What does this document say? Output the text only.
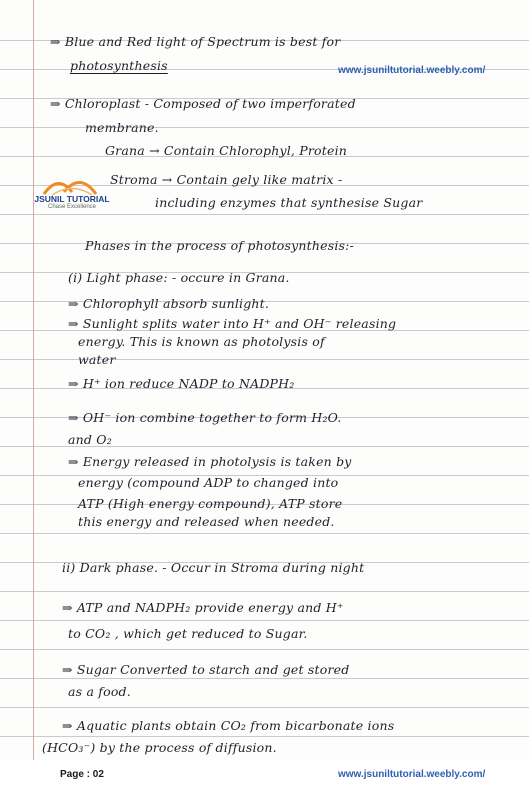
⇒ Blue and Red light of Spectrum is best for

photosynthesis	www.jsuniltutorial.weebly.com/

⇒ Chloroplast - Composed of two imperforated

membrane.

Grana → Contain Chlorophyl, Protein

JSUNIL TUTORIAL
Chase Excellence

Stroma → Contain gely like matrix -

including enzymes that synthesise Sugar

Phases in the process of photosynthesis:-

(i) Light phase: - occure in Grana.

⇒ Chlorophyll absorb sunlight.

⇒ Sunlight splits water into H⁺ and OH⁻ releasing

energy. This is known as photolysis of

water

⇒ H⁺ ion reduce NADP to NADPH₂

⇒ OH⁻ ion combine together to form H₂O.

and O₂

⇒ Energy released in photolysis is taken by

energy (compound ADP to changed into

ATP (High energy compound), ATP store

this energy and released when needed.

ii) Dark phase. - Occur in Stroma during night

⇒ ATP and NADPH₂ provide energy and H⁺

to CO₂ , which get reduced to Sugar.

⇒ Sugar Converted to starch and get stored

as a food.

⇒ Aquatic plants obtain CO₂ from bicarbonate ions

(HCO₃⁻) by the process of diffusion.

Page : 02	www.jsuniltutorial.weebly.com/
